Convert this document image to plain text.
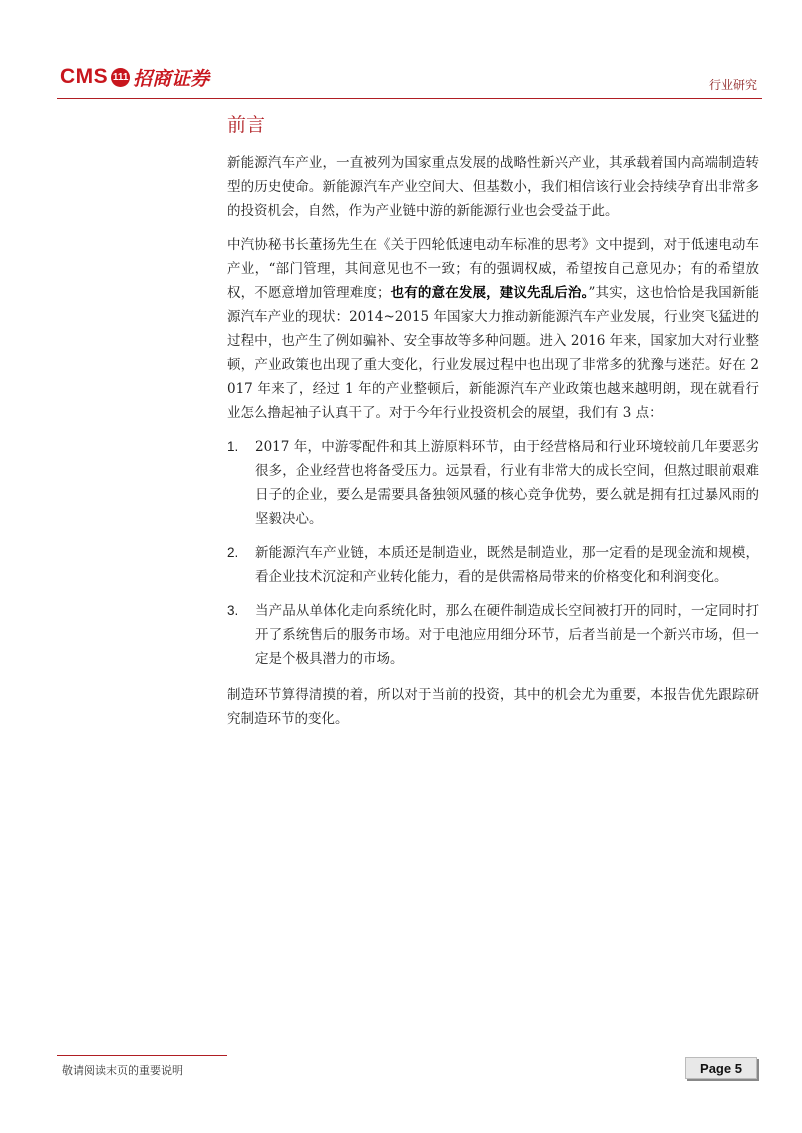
CMS 111 招商证券	行业研究
前言

新能源汽车产业，一直被列为国家重点发展的战略性新兴产业，其承载着国内高端制造转型的历史使命。新能源汽车产业空间大、但基数小，我们相信该行业会持续孕育出非常多的投资机会，自然，作为产业链中游的新能源行业也会受益于此。

中汽协秘书长董扬先生在《关于四轮低速电动车标准的思考》文中提到，对于低速电动车产业，“部门管理，其间意见也不一致；有的强调权威，希望按自己意见办；有的希望放权，不愿意增加管理难度；也有的意在发展，建议先乱后治。”其实，这也恰恰是我国新能源汽车产业的现状：2014~2015 年国家大力推动新能源汽车产业发展，行业突飞猛进的过程中，也产生了例如骗补、安全事故等多种问题。进入 2016 年来，国家加大对行业整顿，产业政策也出现了重大变化，行业发展过程中也出现了非常多的犹豫与迷茫。好在 2017 年来了，经过 1 年的产业整顿后，新能源汽车产业政策也越来越明朗，现在就看行业怎么撸起袖子认真干了。对于今年行业投资机会的展望，我们有 3 点：

1. 2017 年，中游零配件和其上游原料环节，由于经营格局和行业环境较前几年要恶劣很多，企业经营也将备受压力。远景看，行业有非常大的成长空间，但熬过眼前艰难日子的企业，要么是需要具备独领风骚的核心竞争优势，要么就是拥有扛过暴风雨的坚毅决心。
2. 新能源汽车产业链，本质还是制造业，既然是制造业，那一定看的是现金流和规模，看企业技术沉淀和产业转化能力，看的是供需格局带来的价格变化和利润变化。
3. 当产品从单体化走向系统化时，那么在硬件制造成长空间被打开的同时，一定同时打开了系统售后的服务市场。对于电池应用细分环节，后者当前是一个新兴市场，但一定是个极具潜力的市场。

制造环节算得清摸的着，所以对于当前的投资，其中的机会尤为重要，本报告优先跟踪研究制造环节的变化。

敬请阅读末页的重要说明	Page 5
